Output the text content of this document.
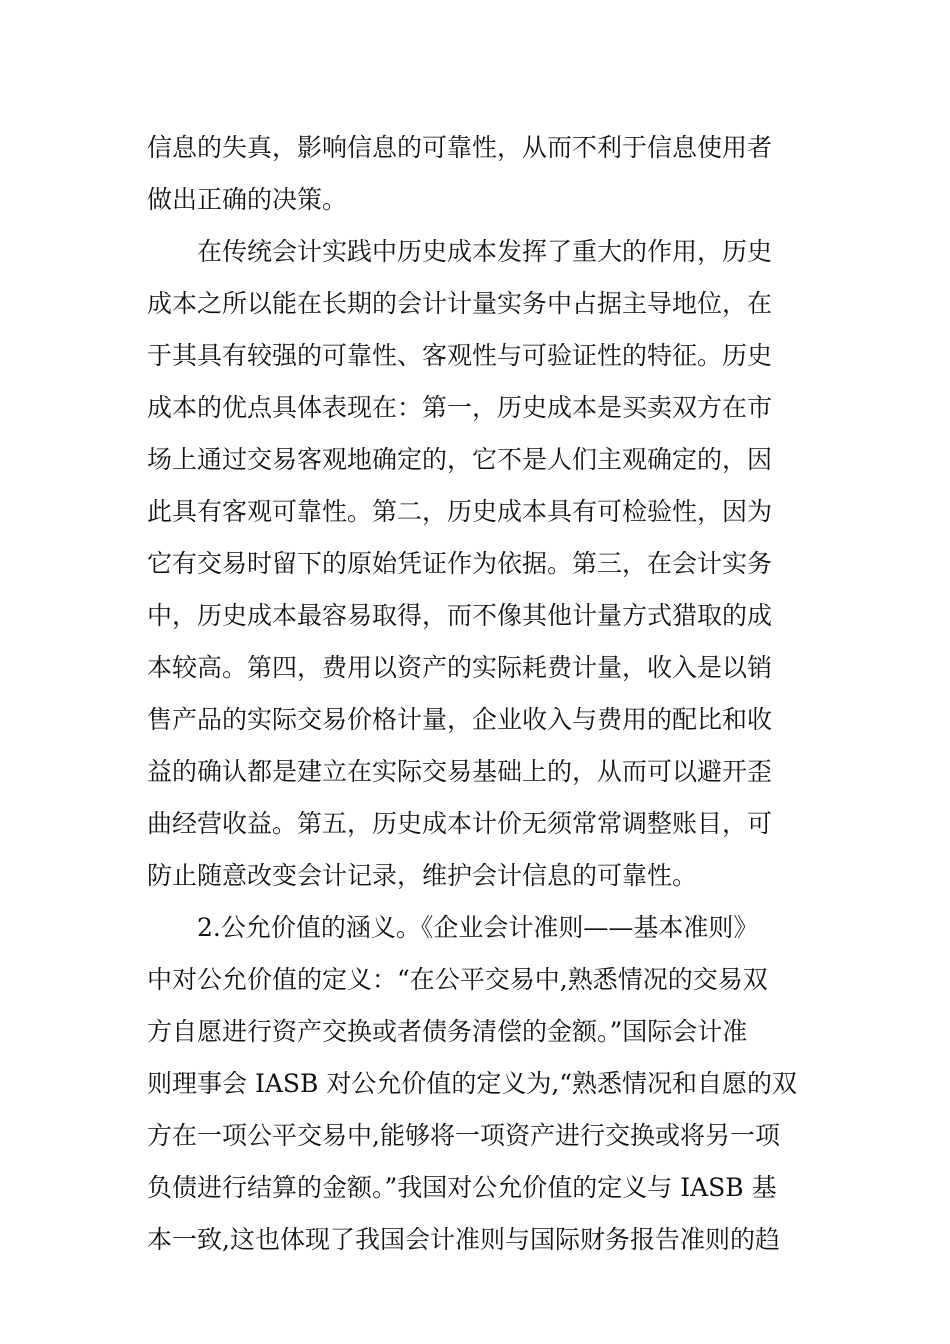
信息的失真，影响信息的可靠性，从而不利于信息使用者
做出正确的决策。
在传统会计实践中历史成本发挥了重大的作用，历史
成本之所以能在长期的会计计量实务中占据主导地位，在
于其具有较强的可靠性、客观性与可验证性的特征。历史
成本的优点具体表现在：第一，历史成本是买卖双方在市
场上通过交易客观地确定的，它不是人们主观确定的，因
此具有客观可靠性。第二，历史成本具有可检验性，因为
它有交易时留下的原始凭证作为依据。第三，在会计实务
中，历史成本最容易取得，而不像其他计量方式猎取的成
本较高。第四，费用以资产的实际耗费计量，收入是以销
售产品的实际交易价格计量，企业收入与费用的配比和收
益的确认都是建立在实际交易基础上的，从而可以避开歪
曲经营收益。第五，历史成本计价无须常常调整账目，可
防止随意改变会计记录，维护会计信息的可靠性。
2.公允价值的涵义。《企业会计准则——基本准则》
中对公允价值的定义：“在公平交易中,熟悉情况的交易双
方自愿进行资产交换或者债务清偿的金额。”国际会计准
则理事会 IASB 对公允价值的定义为,“熟悉情况和自愿的双
方在一项公平交易中,能够将一项资产进行交换或将另一项
负债进行结算的金额。”我国对公允价值的定义与 IASB 基
本一致,这也体现了我国会计准则与国际财务报告准则的趋
